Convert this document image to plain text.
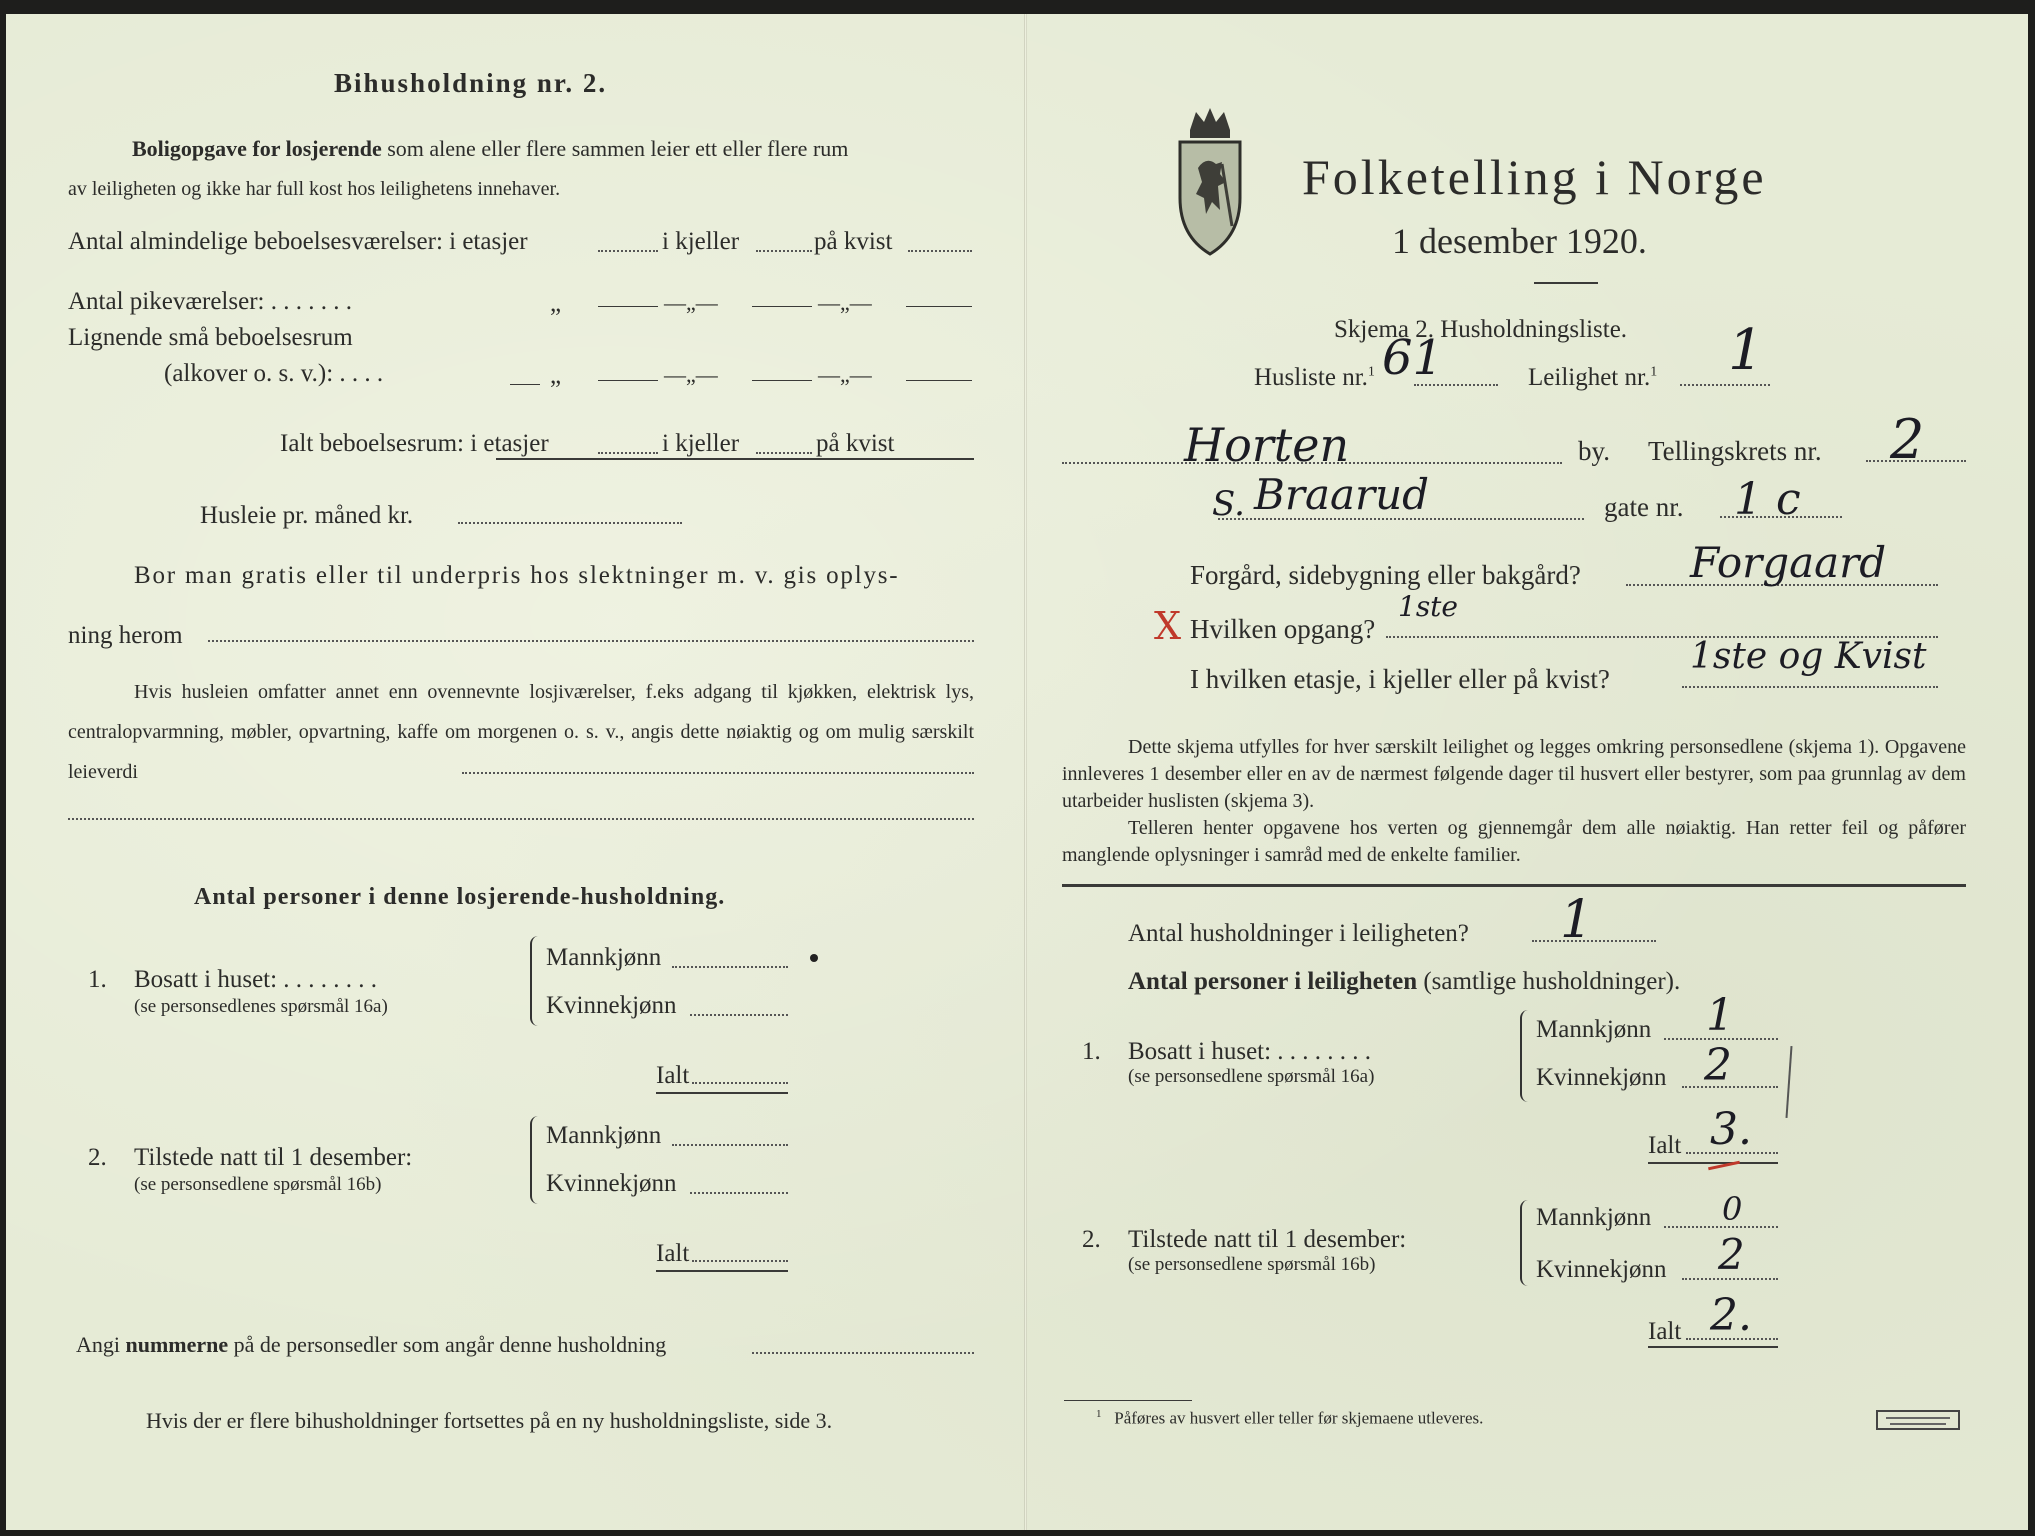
Bihusholdning nr. 2.
Boligopgave for losjerende som alene eller flere sammen leier ett eller flere rum
av leiligheten og ikke har full kost hos leilighetens innehaver.
Antal almindelige beboelsesværelser: i etasjer	i kjeller	på kvist
Antal pikeværelser: . . . . . . .	„	—„—	—„—
Lignende små beboelsesrum
(alkover o. s. v.): . . . .	„	—„—	—„—
Ialt beboelsesrum: i etasjer	i kjeller	på kvist
Husleie pr. måned kr.
Bor man gratis eller til underpris hos slektninger m. v. gis oplys-
ning herom
Hvis husleien omfatter annet enn ovennevnte losjiværelser, f.eks adgang til kjøkken, elektrisk lys, centralopvarmning, møbler, opvartning, kaffe om morgenen o. s. v., angis dette nøiaktig og om mulig særskilt leieverdi
Antal personer i denne losjerende-husholdning.
1. Bosatt i huset: . . . . . . . .
(se personsedlenes spørsmål 16a)
Mannkjønn
Kvinnekjønn
Ialt
2. Tilstede natt til 1 desember:
(se personsedlene spørsmål 16b)
Mannkjønn
Kvinnekjønn
Ialt
Angi nummerne på de personsedler som angår denne husholdning
Hvis der er flere bihusholdninger fortsettes på en ny husholdningsliste, side 3.
Folketelling i Norge
1 desember 1920.
Skjema 2. Husholdningsliste.
Husliste nr.$^1$ 61	Leilighet nr.$^1$ 1
Horten	by. Tellingskrets nr. 2
S. Braarud	gate nr. 1 c
Forgård, sidebygning eller bakgård?	Forgaard
X Hvilken opgang?
1ste
I hvilken etasje, i kjeller eller på kvist?
1ste og Kvist
Dette skjema utfylles for hver særskilt leilighet og legges omkring personsedlene (skjema 1). Opgavene innleveres 1 desember eller en av de nærmest følgende dager til husvert eller bestyrer, som paa grunnlag av dem utarbeider huslisten (skjema 3).
Telleren henter opgavene hos verten og gjennemgår dem alle nøiaktig. Han retter feil og påfører manglende oplysninger i samråd med de enkelte familier.
Antal husholdninger i leiligheten? 1
Antal personer i leiligheten (samtlige husholdninger).
1. Bosatt i huset: . . . . . . . .
(se personsedlene spørsmål 16a)
Mannkjønn 1
Kvinnekjønn 2
Ialt 3.
2. Tilstede natt til 1 desember:
(se personsedlene spørsmål 16b)
Mannkjønn 0
Kvinnekjønn 2
Ialt 2.
$^1$ Påføres av husvert eller teller før skjemaene utleveres.
